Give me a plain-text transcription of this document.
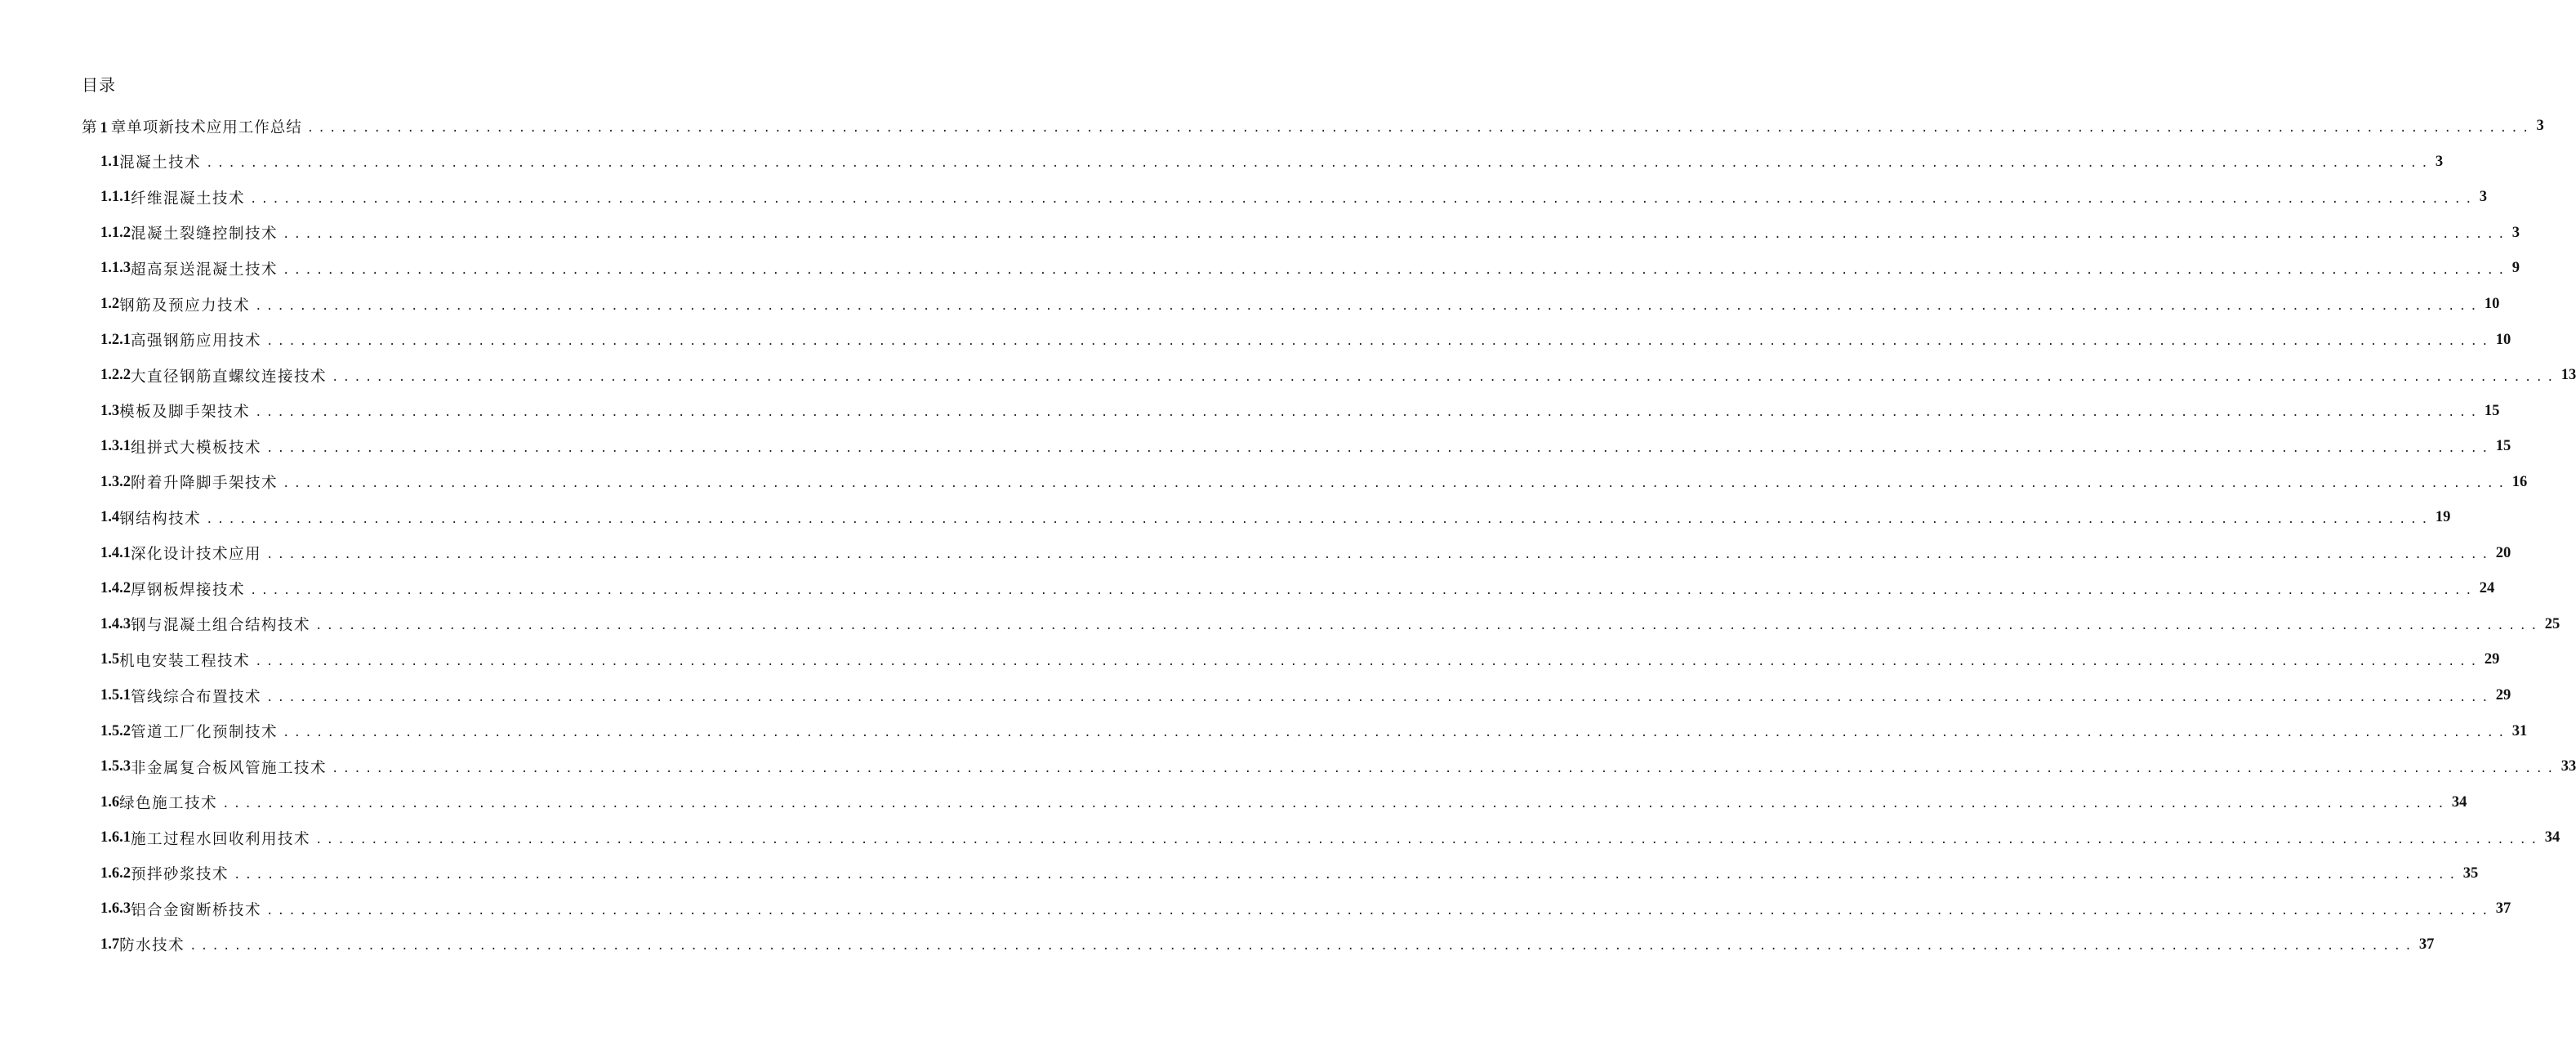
目录
第 1 章单项新技术应用工作总结 ........................................................................................................................................................................................................ 3
1.1 混凝土技术 ........................................................................................................................................................................................................ 3
1.1.1 纤维混凝土技术 ........................................................................................................................................................................................................ 3
1.1.2 混凝土裂缝控制技术 ........................................................................................................................................................................................................ 3
1.1.3 超高泵送混凝土技术 ........................................................................................................................................................................................................ 9
1.2 钢筋及预应力技术 ........................................................................................................................................................................................................ 10
1.2.1 高强钢筋应用技术 ........................................................................................................................................................................................................ 10
1.2.2 大直径钢筋直螺纹连接技术 ........................................................................................................................................................................................................ 13
1.3 模板及脚手架技术 ........................................................................................................................................................................................................ 15
1.3.1 组拼式大模板技术 ........................................................................................................................................................................................................ 15
1.3.2 附着升降脚手架技术 ........................................................................................................................................................................................................ 16
1.4 钢结构技术 ........................................................................................................................................................................................................ 19
1.4.1 深化设计技术应用 ........................................................................................................................................................................................................ 20
1.4.2 厚钢板焊接技术 ........................................................................................................................................................................................................ 24
1.4.3 钢与混凝土组合结构技术 ........................................................................................................................................................................................................ 25
1.5 机电安装工程技术 ........................................................................................................................................................................................................ 29
1.5.1 管线综合布置技术 ........................................................................................................................................................................................................ 29
1.5.2 管道工厂化预制技术 ........................................................................................................................................................................................................ 31
1.5.3 非金属复合板风管施工技术 ........................................................................................................................................................................................................ 33
1.6 绿色施工技术 ........................................................................................................................................................................................................ 34
1.6.1 施工过程水回收利用技术 ........................................................................................................................................................................................................ 34
1.6.2 预拌砂浆技术 ........................................................................................................................................................................................................ 35
1.6.3 铝合金窗断桥技术 ........................................................................................................................................................................................................ 37
1.7 防水技术 ........................................................................................................................................................................................................ 37
